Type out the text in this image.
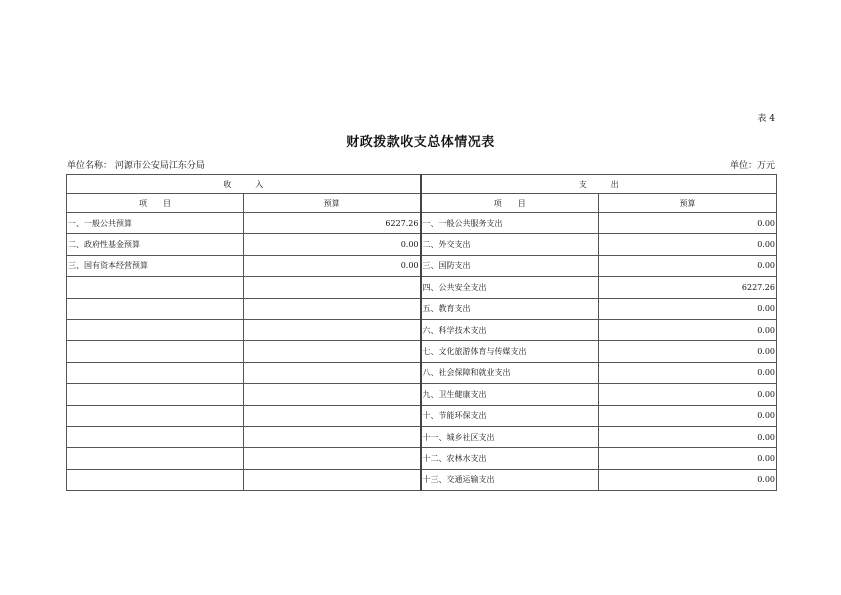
表 4
财政拨款收支总体情况表
单位名称： 河源市公安局江东分局	单位：万元
收　　　入		支　　　出	
项　　目	预算	项　　目	预算
一、一般公共预算	6227.26	一、一般公共服务支出	0.00
二、政府性基金预算	0.00	二、外交支出	0.00
三、国有资本经营预算	0.00	三、国防支出	0.00
		四、公共安全支出	6227.26
		五、教育支出	0.00
		六、科学技术支出	0.00
		七、文化旅游体育与传媒支出	0.00
		八、社会保障和就业支出	0.00
		九、卫生健康支出	0.00
		十、节能环保支出	0.00
		十一、城乡社区支出	0.00
		十二、农林水支出	0.00
		十三、交通运输支出	0.00
